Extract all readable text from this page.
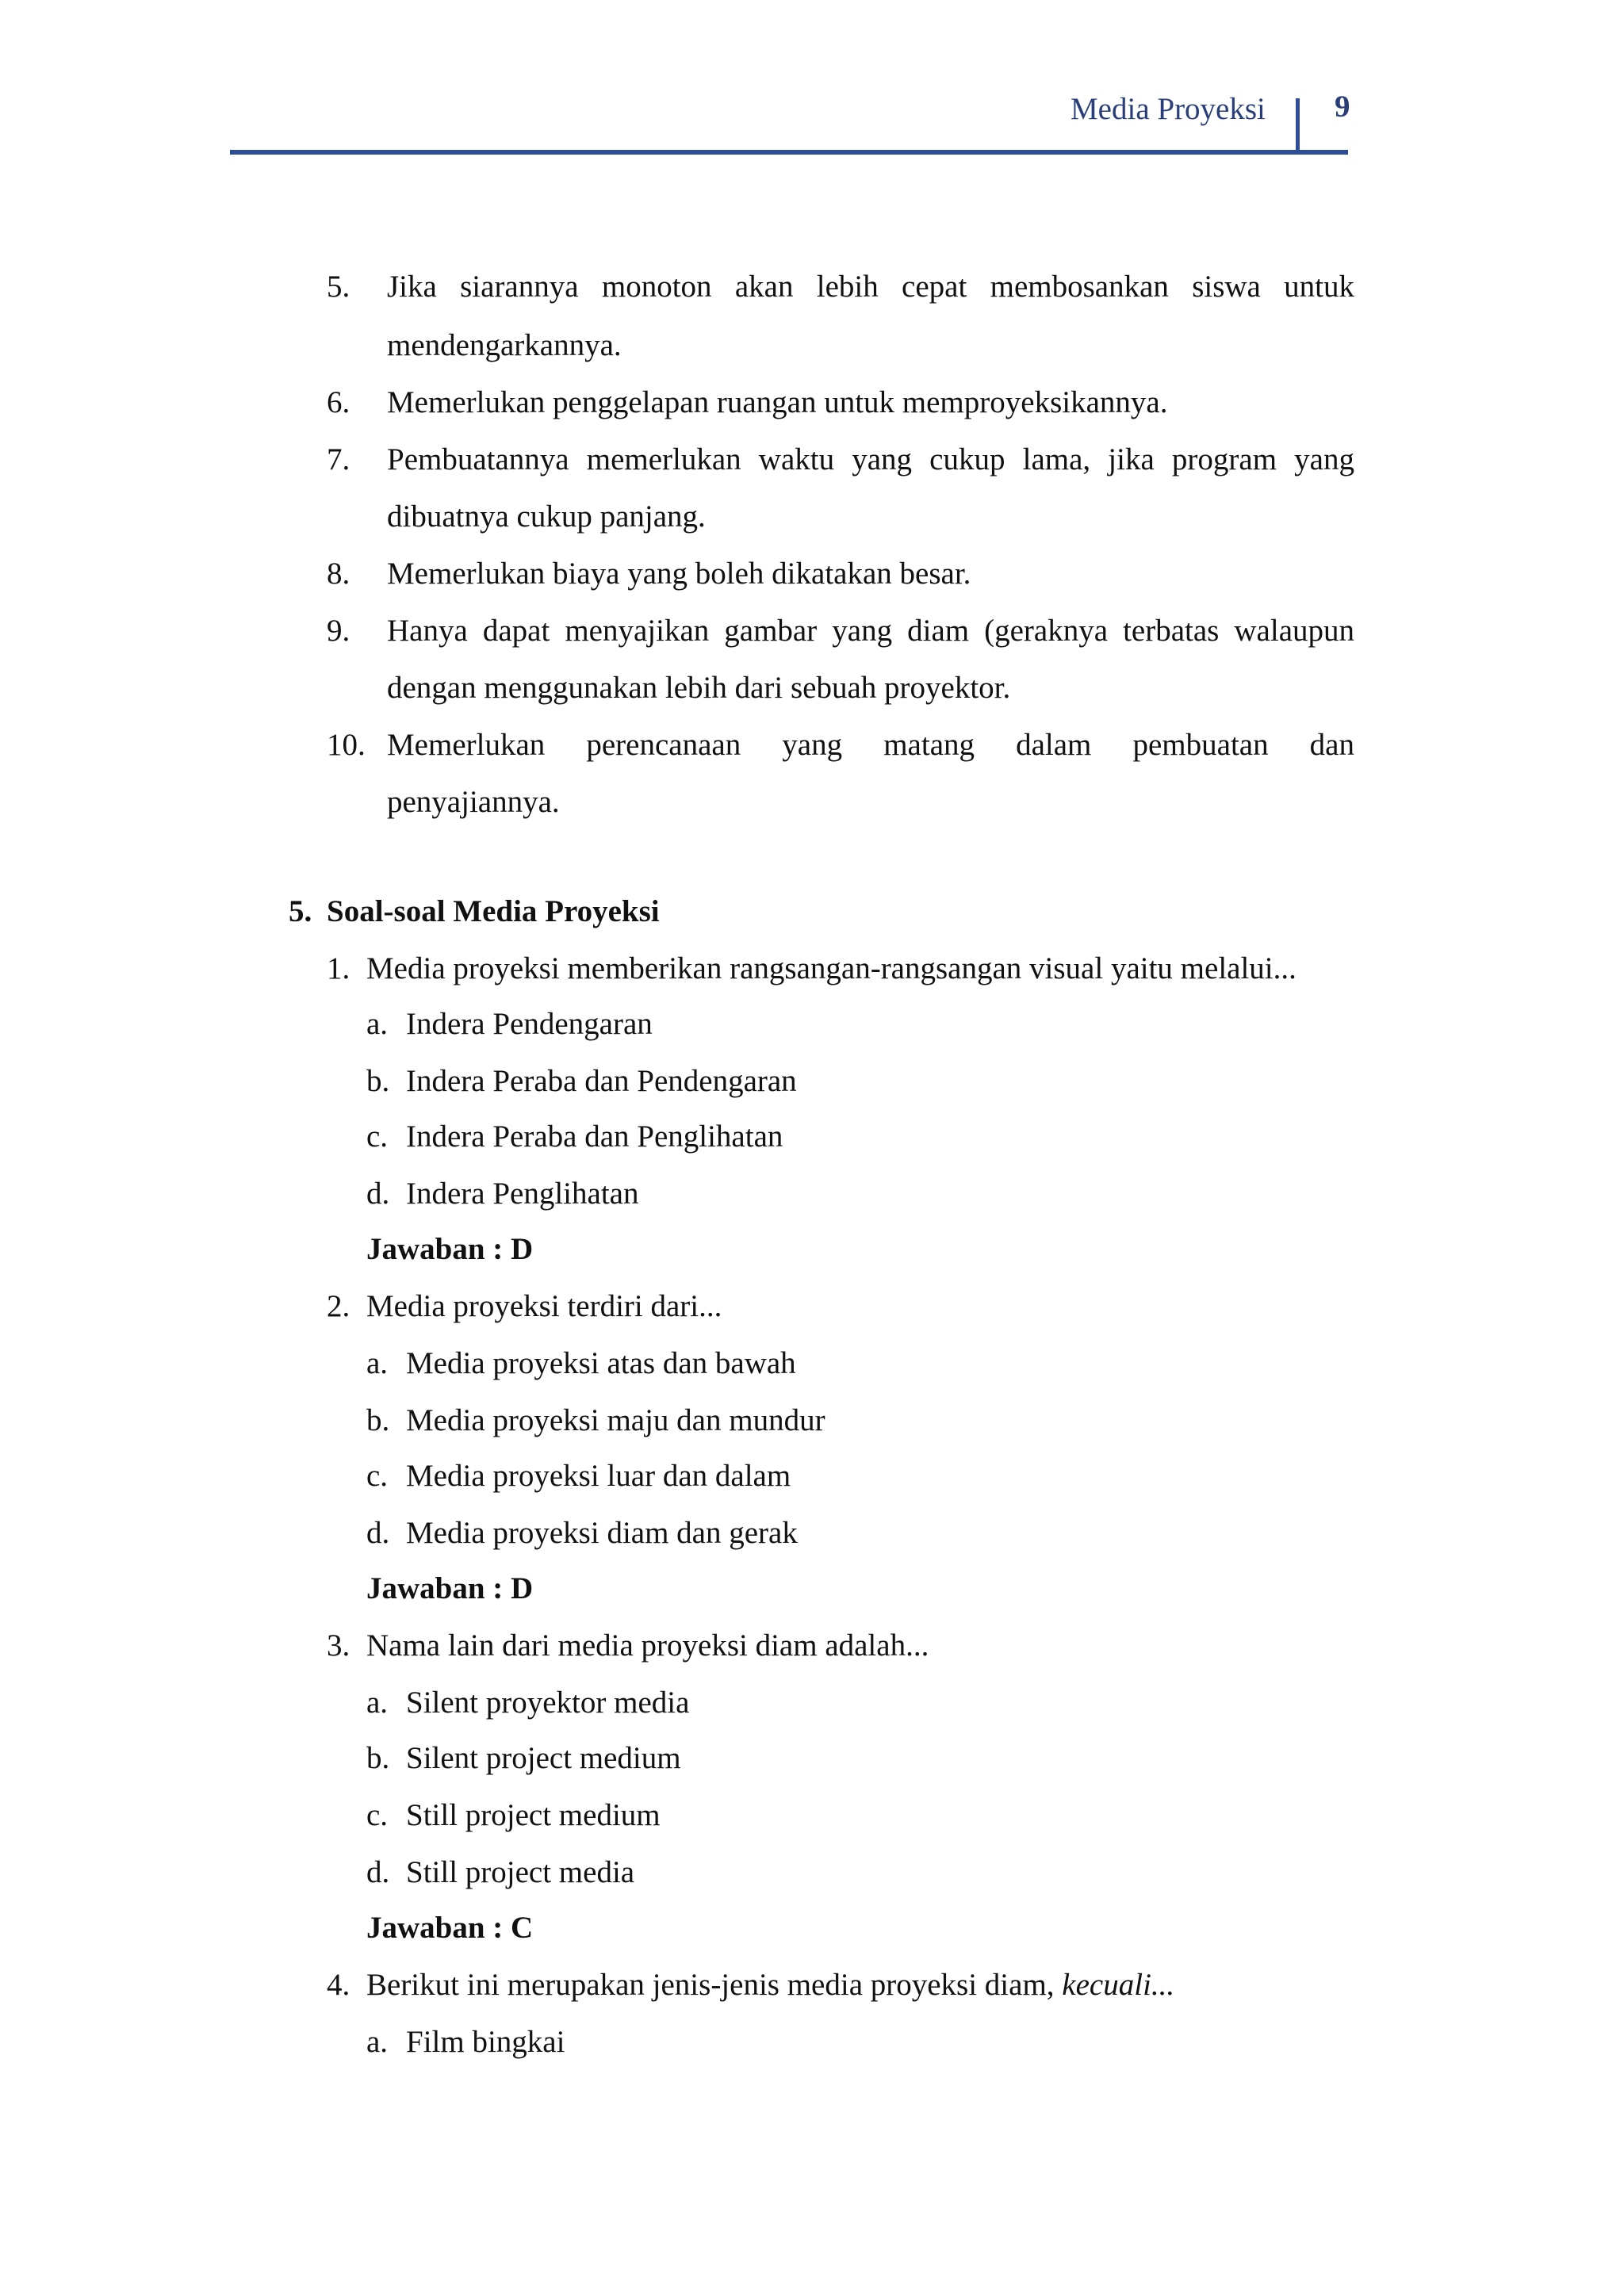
Media Proyeksi 9
5. Jika siarannya monoton akan lebih cepat membosankan siswa untuk
mendengarkannya.
6. Memerlukan penggelapan ruangan untuk memproyeksikannya.
7. Pembuatannya memerlukan waktu yang cukup lama, jika program yang
dibuatnya cukup panjang.
8. Memerlukan biaya yang boleh dikatakan besar.
9. Hanya dapat menyajikan gambar yang diam (geraknya terbatas walaupun
dengan menggunakan lebih dari sebuah proyektor.
10. Memerlukan perencanaan yang matang dalam pembuatan dan
penyajiannya.
5. Soal-soal Media Proyeksi
1. Media proyeksi memberikan rangsangan-rangsangan visual yaitu melalui...
a. Indera Pendengaran
b. Indera Peraba dan Pendengaran
c. Indera Peraba dan Penglihatan
d. Indera Penglihatan
Jawaban : D
2. Media proyeksi terdiri dari...
a. Media proyeksi atas dan bawah
b. Media proyeksi maju dan mundur
c. Media proyeksi luar dan dalam
d. Media proyeksi diam dan gerak
Jawaban : D
3. Nama lain dari media proyeksi diam adalah...
a. Silent proyektor media
b. Silent project medium
c. Still project medium
d. Still project media
Jawaban : C
4. Berikut ini merupakan jenis-jenis media proyeksi diam, kecuali...
a. Film bingkai
